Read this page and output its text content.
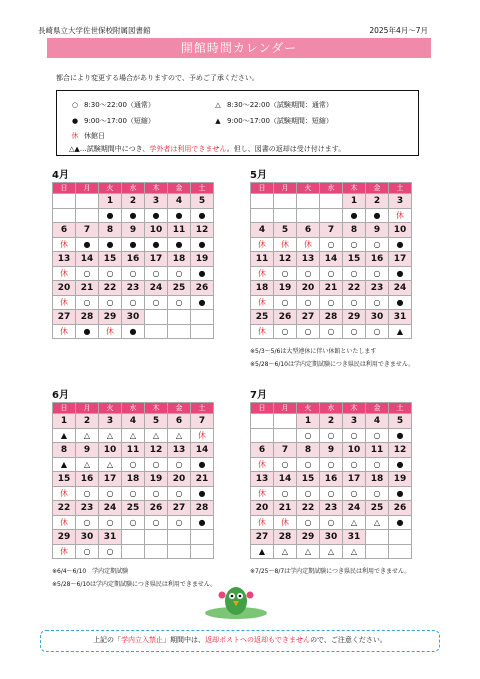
長崎県立大学佐世保校附属図書館	2025年4月～7月
開館時間カレンダー
都合により変更する場合がありますので、予めご了承ください。
○ 8:30～22:00（通常）	△ 8:30～22:00（試験期間：通常）
● 9:00～17:00（短縮）	▲ 9:00～17:00（試験期間：短縮）
休 休館日
△▲…試験期間中につき、学外者は利用できません。但し、図書の返却は受け付けます。
4月
日	月	火	水	木	金	土
		1	2	3	4	5
		●	●	●	●	●
6	7	8	9	10	11	12
休	●	●	●	●	●	●
13	14	15	16	17	18	19
休	○	○	○	○	○	●
20	21	22	23	24	25	26
休	○	○	○	○	○	●
27	28	29	30			
休	●	休	●			
5月
日	月	火	水	木	金	土
				1	2	3
				●	●	休
4	5	6	7	8	9	10
休	休	休	○	○	○	●
11	12	13	14	15	16	17
休	○	○	○	○	○	●
18	19	20	21	22	23	24
休	○	○	○	○	○	●
25	26	27	28	29	30	31
休	○	○	○	○	○	▲
※5/3～5/6は大型連休に伴い休館といたします
※5/28～6/10は学内定期試験につき県民は利用できません。
6月
日	月	火	水	木	金	土
1	2	3	4	5	6	7
▲	△	△	△	△	△	休
8	9	10	11	12	13	14
▲	△	△	○	○	○	●
15	16	17	18	19	20	21
休	○	○	○	○	○	●
22	23	24	25	26	27	28
休	○	○	○	○	○	●
29	30	31				
休	○	○				
※6/4～6/10　学内定期試験
※5/28～6/10は学内定期試験につき県民は利用できません。
7月
日	月	火	水	木	金	土
		1	2	3	4	5
		○	○	○	○	●
6	7	8	9	10	11	12
休	○	○	○	○	○	●
13	14	15	16	17	18	19
休	○	○	○	○	○	●
20	21	22	23	24	25	26
休	休	○	○	△	△	●
27	28	29	30	31		
▲	△	△	△	△		
※7/25～8/7は学内定期試験につき県民は利用できません。
上記の「学内立入禁止」期間中は、返却ポストへの返却もできませんので、ご注意ください。
